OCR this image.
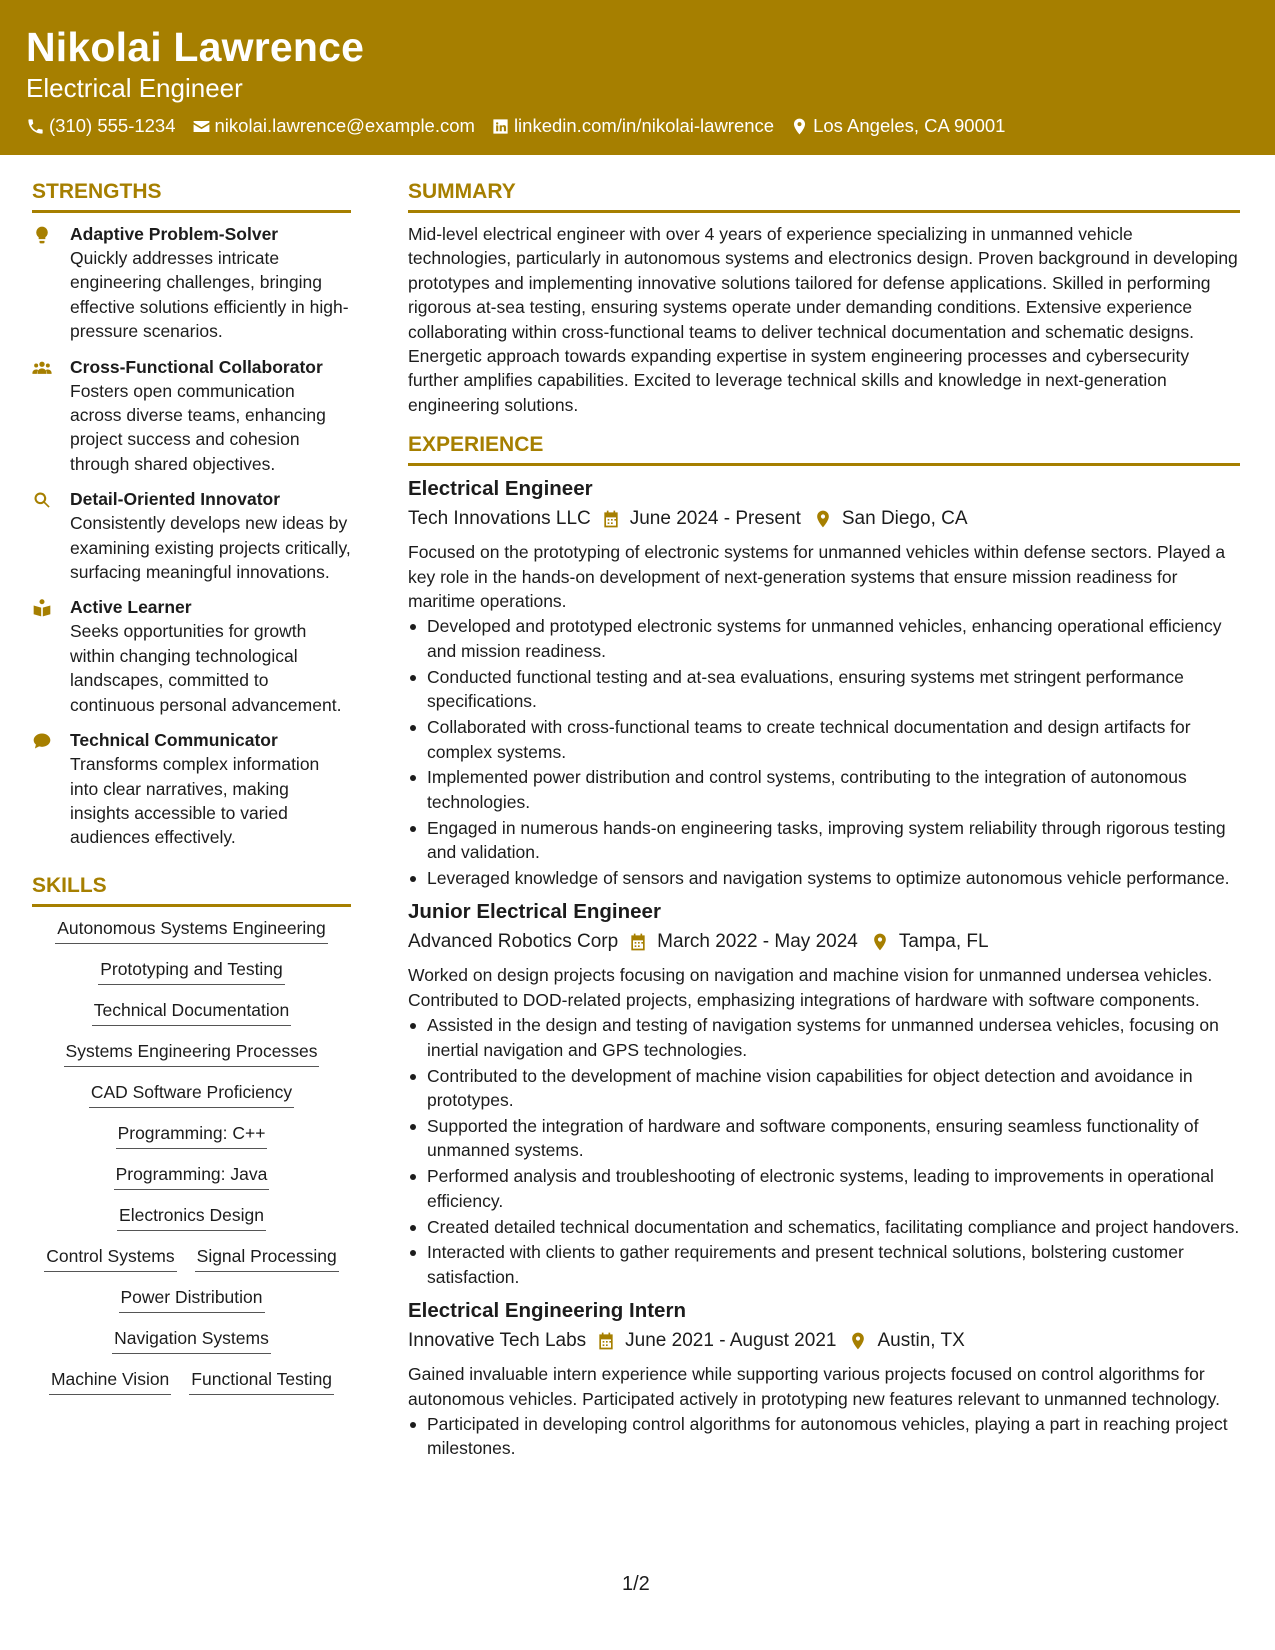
Nikolai Lawrence
Electrical Engineer
(310) 555-1234 nikolai.lawrence@example.com linkedin.com/in/nikolai-lawrence Los Angeles, CA 90001
STRENGTHS
Adaptive Problem-Solver
Quickly addresses intricate engineering challenges, bringing effective solutions efficiently in high-pressure scenarios.
Cross-Functional Collaborator
Fosters open communication across diverse teams, enhancing project success and cohesion through shared objectives.
Detail-Oriented Innovator
Consistently develops new ideas by examining existing projects critically, surfacing meaningful innovations.
Active Learner
Seeks opportunities for growth within changing technological landscapes, committed to continuous personal advancement.
Technical Communicator
Transforms complex information into clear narratives, making insights accessible to varied audiences effectively.
SKILLS
Autonomous Systems Engineering
Prototyping and Testing
Technical Documentation
Systems Engineering Processes
CAD Software Proficiency
Programming: C++
Programming: Java
Electronics Design
Control Systems Signal Processing
Power Distribution
Navigation Systems
Machine Vision Functional Testing
SUMMARY
Mid-level electrical engineer with over 4 years of experience specializing in unmanned vehicle technologies, particularly in autonomous systems and electronics design. Proven background in developing prototypes and implementing innovative solutions tailored for defense applications. Skilled in performing rigorous at-sea testing, ensuring systems operate under demanding conditions. Extensive experience collaborating within cross-functional teams to deliver technical documentation and schematic designs. Energetic approach towards expanding expertise in system engineering processes and cybersecurity further amplifies capabilities. Excited to leverage technical skills and knowledge in next-generation engineering solutions.
EXPERIENCE
Electrical Engineer
Tech Innovations LLC June 2024 - Present San Diego, CA
Focused on the prototyping of electronic systems for unmanned vehicles within defense sectors. Played a key role in the hands-on development of next-generation systems that ensure mission readiness for maritime operations.
Developed and prototyped electronic systems for unmanned vehicles, enhancing operational efficiency and mission readiness.
Conducted functional testing and at-sea evaluations, ensuring systems met stringent performance specifications.
Collaborated with cross-functional teams to create technical documentation and design artifacts for complex systems.
Implemented power distribution and control systems, contributing to the integration of autonomous technologies.
Engaged in numerous hands-on engineering tasks, improving system reliability through rigorous testing and validation.
Leveraged knowledge of sensors and navigation systems to optimize autonomous vehicle performance.
Junior Electrical Engineer
Advanced Robotics Corp March 2022 - May 2024 Tampa, FL
Worked on design projects focusing on navigation and machine vision for unmanned undersea vehicles. Contributed to DOD-related projects, emphasizing integrations of hardware with software components.
Assisted in the design and testing of navigation systems for unmanned undersea vehicles, focusing on inertial navigation and GPS technologies.
Contributed to the development of machine vision capabilities for object detection and avoidance in prototypes.
Supported the integration of hardware and software components, ensuring seamless functionality of unmanned systems.
Performed analysis and troubleshooting of electronic systems, leading to improvements in operational efficiency.
Created detailed technical documentation and schematics, facilitating compliance and project handovers.
Interacted with clients to gather requirements and present technical solutions, bolstering customer satisfaction.
Electrical Engineering Intern
Innovative Tech Labs June 2021 - August 2021 Austin, TX
Gained invaluable intern experience while supporting various projects focused on control algorithms for autonomous vehicles. Participated actively in prototyping new features relevant to unmanned technology.
Participated in developing control algorithms for autonomous vehicles, playing a part in reaching project milestones.
1/2
